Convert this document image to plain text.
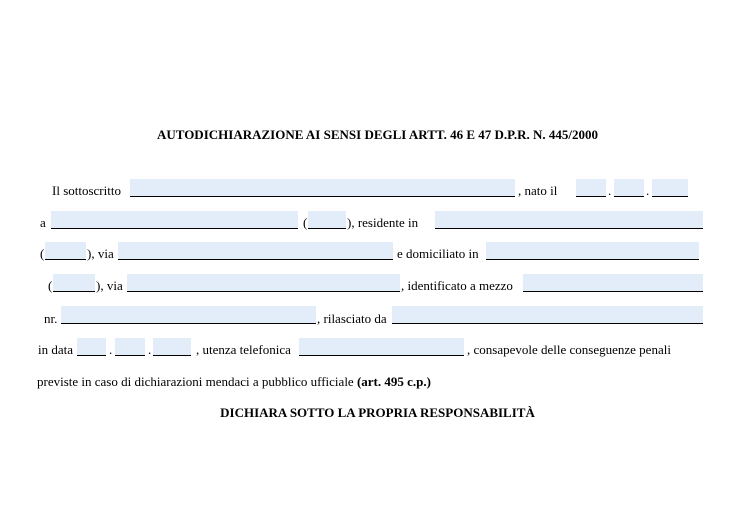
AUTODICHIARAZIONE AI SENSI DEGLI ARTT. 46 E 47 D.P.R. N. 445/2000
Il sottoscritto	, nato il	.	.
a	(	), residente in
(	), via	e domiciliato in
(	), via	, identificato a mezzo
nr.	, rilasciato da
in data	.	.	, utenza telefonica	, consapevole delle conseguenze penali
previste in caso di dichiarazioni mendaci a pubblico ufficiale (art. 495 c.p.)
DICHIARA SOTTO LA PROPRIA RESPONSABILITÀ
